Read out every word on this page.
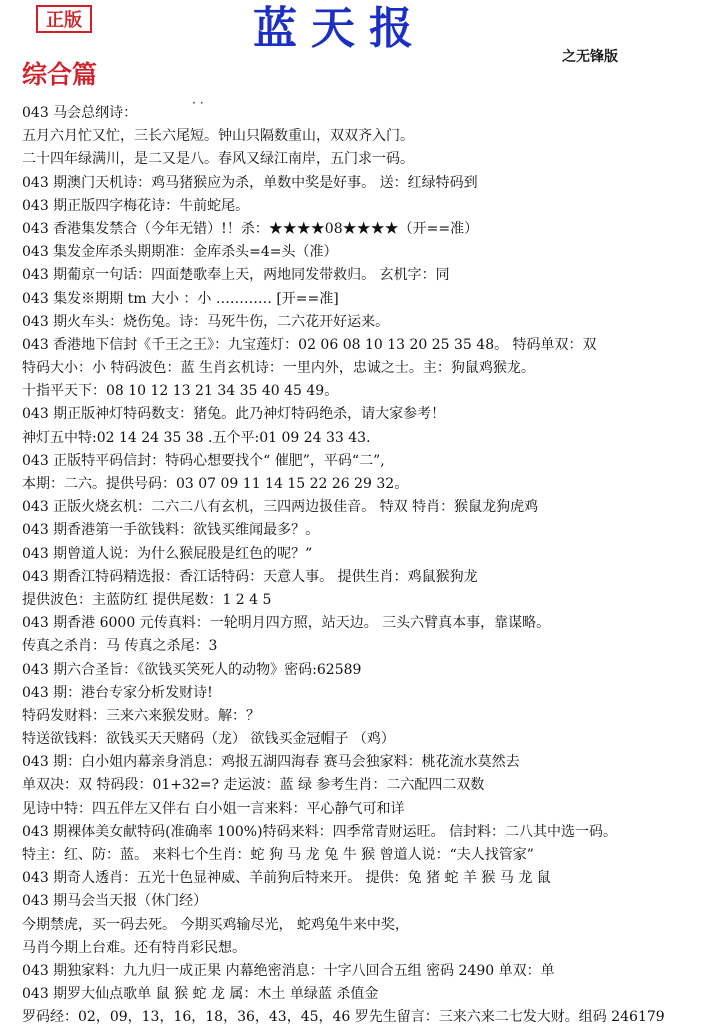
正版	蓝天报
之无锋版
综合篇
··
043 马会总纲诗：
五月六月忙又忙，三长六尾短。钟山只隔数重山，双双齐入门。
二十四年绿满川，是二又是八。春风又绿江南岸，五门求一码。
043 期澳门天机诗：鸡马猪猴应为杀，单数中奖是好事。 送：红绿特码到
043 期正版四字梅花诗：牛前蛇尾。
043 香港集发禁合（今年无错）!！杀：★★★★08★★★★（开==准）
043 集发金库杀头期期准：金库杀头=4=头（准）
043 期葡京一句话：四面楚歌奉上天，两地同发带救归。 玄机字：同
043 集发※期期 tm 大小 ：小 ………… [开==准]
043 期火车头：烧伤兔。诗：马死牛伤，二六花开好运来。
043 香港地下信封《千王之王》：九宝莲灯：02 06 08 10 13 20 25 35 48。 特码单双：双
特码大小：小 特码波色：蓝 生肖玄机诗：一里内外，忠诚之士。主：狗鼠鸡猴龙。
十指平天下：08 10 12 13 21 34 35 40 45 49。
043 期正版神灯特码数支：猪兔。此乃神灯特码绝杀，请大家参考！
神灯五中特:02 14 24 35 38 .五个平:01 09 24 33 43.
043 正版特平码信封：特码心想要找个“ 催肥”，平码“二”,
本期：二六。提供号码：03 07 09 11 14 15 22 26 29 32。
043 正版火烧玄机：二六二八有玄机，三四两边扱佳音。 特双 特肖：猴鼠龙狗虎鸡
043 期香港第一手欲钱料：欲钱买维闻最多？。
043 期曾道人说：为什么猴屁股是红色的呢？”
043 期香江特码精选报：香江话特码：天意人事。 提供生肖：鸡鼠猴狗龙
提供波色：主蓝防红 提供尾数：1 2 4 5
043 期香港 6000 元传真料：一轮明月四方照，站天边。 三头六臂真本事，靠谋略。
传真之杀肖：马 传真之杀尾：3
043 期六合圣旨：《欲钱买笑死人的动物》密码:62589
043 期：港台专家分析发财诗!
特码发财料：三来六来猴发财。解：？
特送欲钱料：欲钱买天天赌码（龙） 欲钱买金冠帽子 （鸡）
043 期：白小姐内幕亲身消息：鸡报五湖四海春 赛马会独家料：桃花流水莫然去
单双决：双 特码段：01+32=? 走运波：蓝 绿 参考生肖：二六配四二双数
见诗中特：四五伴左又伴右 白小姐一言来料：平心静气可和详
043 期裸体美女献特码(准确率 100%)特码来料：四季常青财运旺。 信封料：二八其中选一码。
特主：红、防：蓝。 来料七个生肖：蛇 狗 马 龙 兔 牛 猴 曾道人说：“夫人找管家”
043 期奇人透肖：五光十色显神威、羊前狗后特来开。 提供：兔 猪 蛇 羊 猴 马 龙 鼠
043 期马会当天报（休门经）
今期禁虎，买一码去死。 今期买鸡输尽光， 蛇鸡兔牛来中奖，
马肖今期上台难。还有特肖彩民想。
043 期独家料：九九归一成正果 内幕绝密消息：十字八回合五组 密码 2490 单双：单
043 期罗大仙点歌单 鼠 猴 蛇 龙 属：木土 单绿蓝 杀值金
罗码经：02，09，13，16，18，36，43，45，46 罗先生留言：三来六来二七发大财。组码 246179
